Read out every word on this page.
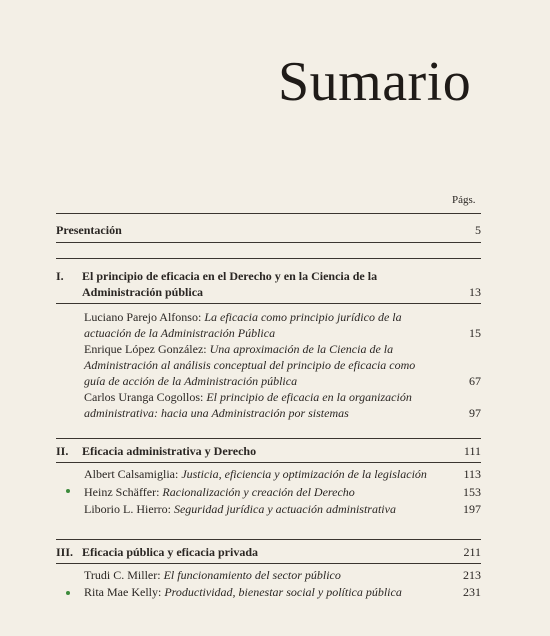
Sumario
Págs.
Presentación	5
I. El principio de eficacia en el Derecho y en la Ciencia de la Administración pública	13
Luciano Parejo Alfonso: La eficacia como principio jurídico de la actuación de la Administración Pública	15
Enrique López González: Una aproximación de la Ciencia de la Administración al análisis conceptual del principio de eficacia como guía de acción de la Administración pública	67
Carlos Uranga Cogollos: El principio de eficacia en la organización administrativa: hacia una Administración por sistemas	97
II. Eficacia administrativa y Derecho	111
Albert Calsamiglia: Justicia, eficiencia y optimización de la legislación	113
Heinz Schäffer: Racionalización y creación del Derecho	153
Liborio L. Hierro: Seguridad jurídica y actuación administrativa	197
III. Eficacia pública y eficacia privada	211
Trudi C. Miller: El funcionamiento del sector público	213
Rita Mae Kelly: Productividad, bienestar social y política pública	231
